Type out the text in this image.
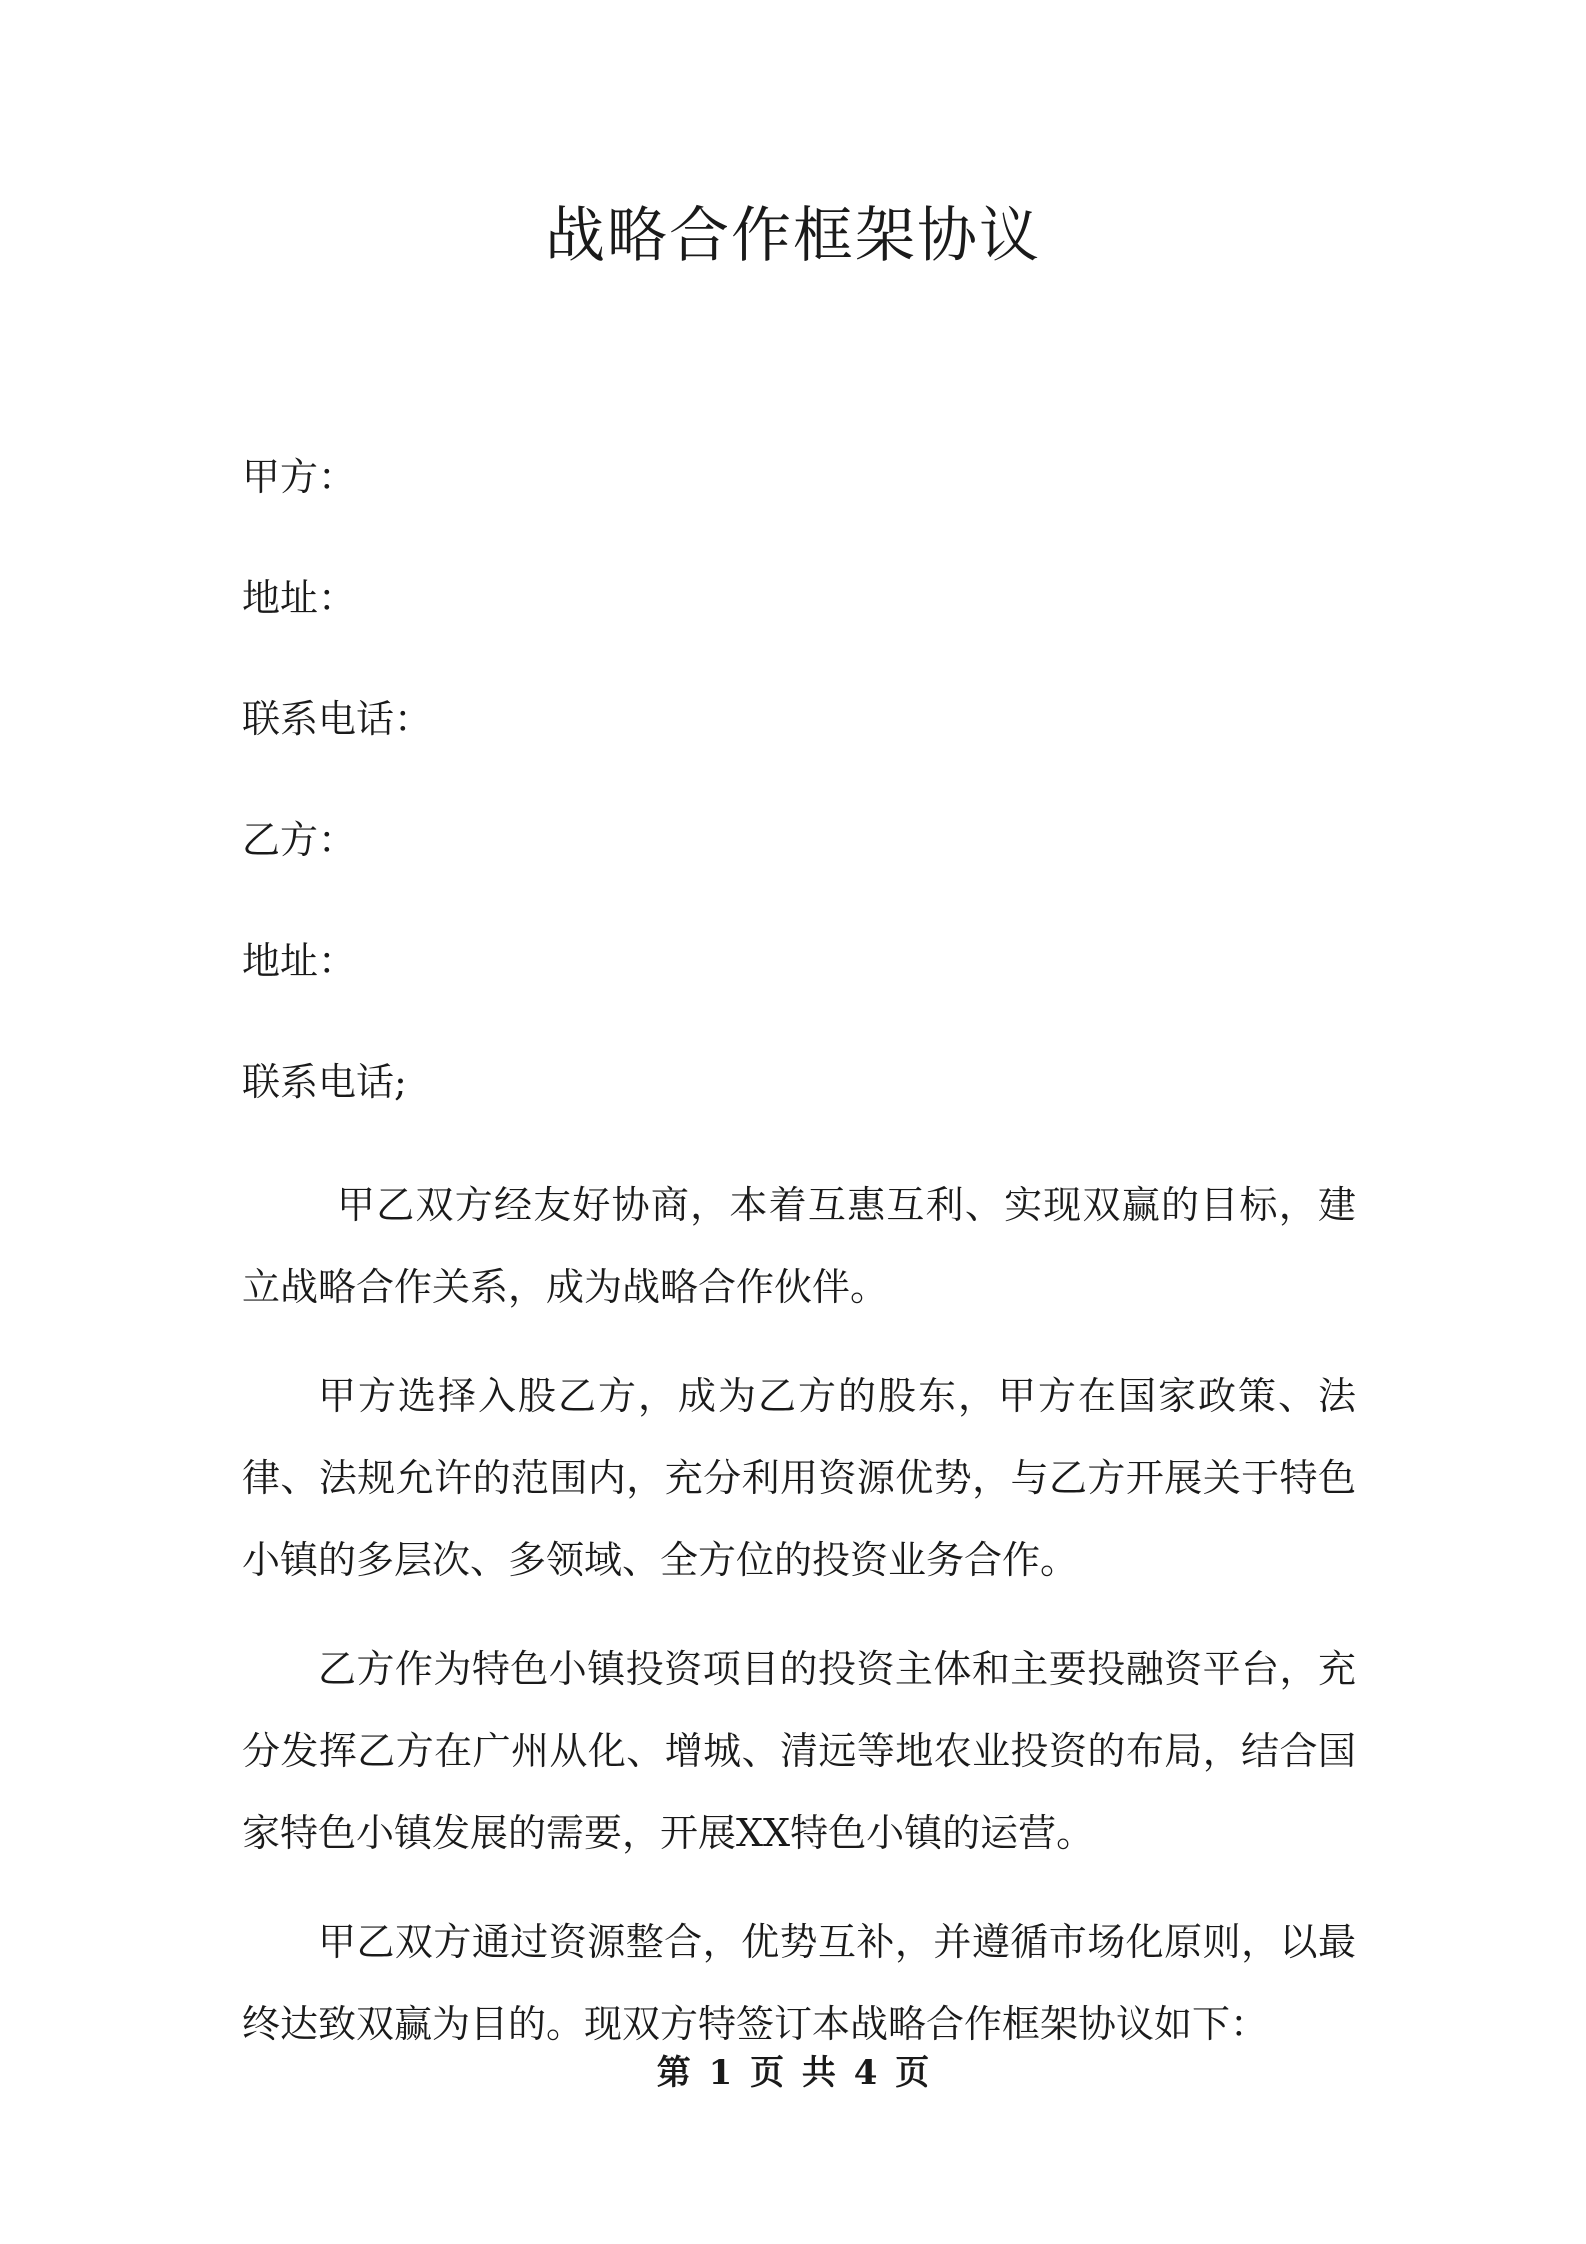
战略合作框架协议
甲方：
地址：
联系电话：
乙方：
地址：
联系电话;
甲乙双方经友好协商，本着互惠互利、实现双赢的目标，建立战略合作关系，成为战略合作伙伴。
甲方选择入股乙方，成为乙方的股东，甲方在国家政策、法律、法规允许的范围内，充分利用资源优势，与乙方开展关于特色小镇的多层次、多领域、全方位的投资业务合作。
乙方作为特色小镇投资项目的投资主体和主要投融资平台，充分发挥乙方在广州从化、增城、清远等地农业投资的布局，结合国家特色小镇发展的需要，开展XX特色小镇的运营。
甲乙双方通过资源整合，优势互补，并遵循市场化原则，以最终达致双赢为目的。现双方特签订本战略合作框架协议如下：
第 1 页 共 4 页
